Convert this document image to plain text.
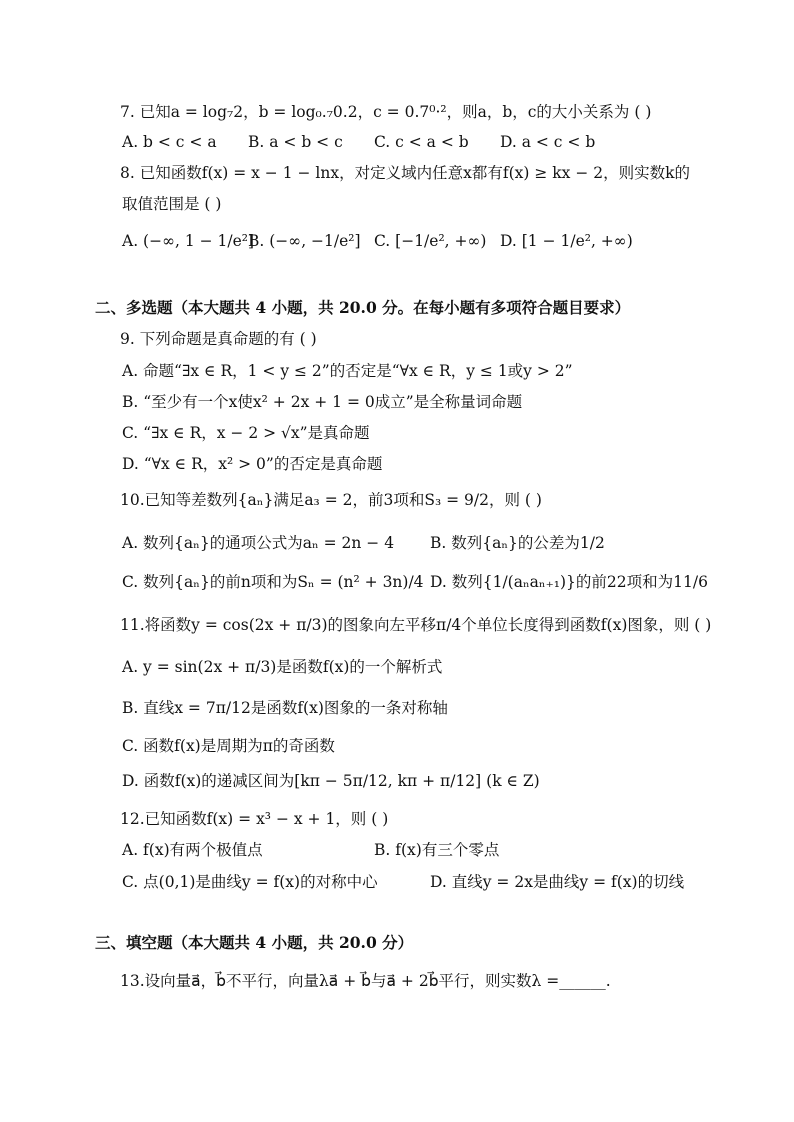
7. 已知a = log₇2，b = log₀.₇0.2，c = 0.7⁰·²，则a，b，c的大小关系为 ( )
A. b < c < a B. a < b < c C. c < a < b D. a < c < b
8. 已知函数f(x) = x − 1 − lnx，对定义域内任意x都有f(x) ≥ kx − 2，则实数k的
取值范围是 ( )
A. (−∞, 1 − 1/e²]
B. (−∞, −1/e²] C. [−1/e², +∞) D. [1 − 1/e², +∞)
二、多选题（本大题共 4 小题，共 20.0 分。在每小题有多项符合题目要求）
9. 下列命题是真命题的有 ( )
A. 命题“∃x ∈ R，1 < y ≤ 2”的否定是“∀x ∈ R，y ≤ 1或y > 2”
B. “至少有一个x使x² + 2x + 1 = 0成立”是全称量词命题
C. “∃x ∈ R，x − 2 > √x”是真命题
D. “∀x ∈ R，x² > 0”的否定是真命题
10.已知等差数列{aₙ}满足a₃ = 2，前3项和S₃ = 9/2，则 ( )
A. 数列{aₙ}的通项公式为aₙ = 2n − 4 B. 数列{aₙ}的公差为1/2
C. 数列{aₙ}的前n项和为Sₙ = (n² + 3n)/4 D. 数列{1/(aₙaₙ₊₁)}的前22项和为11/6
11.将函数y = cos(2x + π/3)的图象向左平移π/4个单位长度得到函数f(x)图象，则 ( )
A. y = sin(2x + π/3)是函数f(x)的一个解析式
B. 直线x = 7π/12是函数f(x)图象的一条对称轴
C. 函数f(x)是周期为π的奇函数
D. 函数f(x)的递减区间为[kπ − 5π/12, kπ + π/12] (k ∈ Z)
12.已知函数f(x) = x³ − x + 1，则 ( )
A. f(x)有两个极值点	B. f(x)有三个零点
C. 点(0,1)是曲线y = f(x)的对称中心	D. 直线y = 2x是曲线y = f(x)的切线
三、填空题（本大题共 4 小题，共 20.0 分）
13.设向量a⃗，b⃗不平行，向量λa⃗ + b⃗与a⃗ + 2b⃗平行，则实数λ =______.
